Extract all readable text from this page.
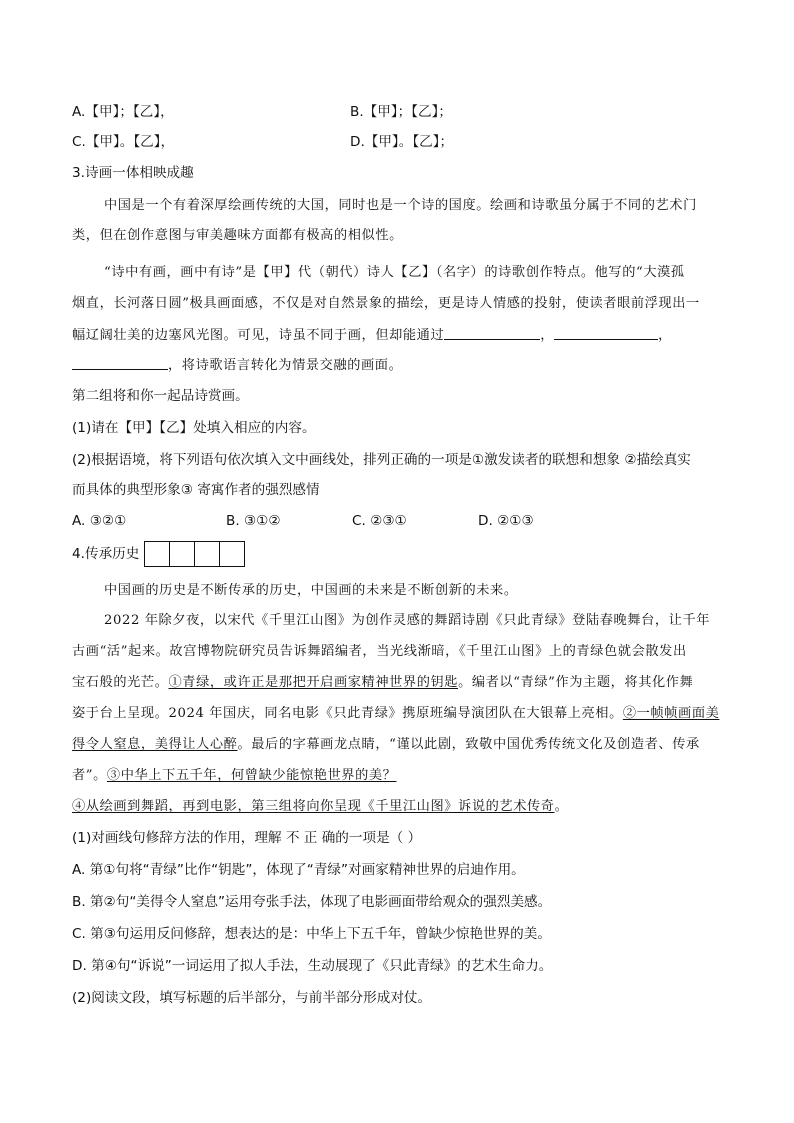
A.【甲】；【乙】，	B.【甲】；【乙】；
C.【甲】。【乙】，	D.【甲】。【乙】；
3.诗画一体相映成趣
中国是一个有着深厚绘画传统的大国，同时也是一个诗的国度。绘画和诗歌虽分属于不同的艺术门
类，但在创作意图与审美趣味方面都有极高的相似性。
“诗中有画，画中有诗”是【甲】代（朝代）诗人【乙】（名字）的诗歌创作特点。他写的“大漠孤
烟直，长河落日圆”极具画面感，不仅是对自然景象的描绘，更是诗人情感的投射，使读者眼前浮现出一
幅辽阔壮美的边塞风光图。可见，诗虽不同于画，但却能通过	，	，
，将诗歌语言转化为情景交融的画面。
第二组将和你一起品诗赏画。
(1)请在【甲】【乙】处填入相应的内容。
(2)根据语境，将下列语句依次填入文中画线处，排列正确的一项是①激发读者的联想和想象 ②描绘真实
而具体的典型形象③ 寄寓作者的强烈感情
A. ③②①	B. ③①②	C. ②③①	D. ②①③
4.传承历史
中国画的历史是不断传承的历史，中国画的未来是不断创新的未来。
2022 年除夕夜，以宋代《千里江山图》为创作灵感的舞蹈诗剧《只此青绿》登陆春晚舞台，让千年
古画“活”起来。故宫博物院研究员告诉舞蹈编者，当光线渐暗，《千里江山图》上的青绿色就会散发出
宝石般的光芒。①青绿，或许正是那把开启画家精神世界的钥匙。编者以“青绿”作为主题，将其化作舞
姿于台上呈现。2024 年国庆，同名电影《只此青绿》携原班编导演团队在大银幕上亮相。②一帧帧画面美
得令人窒息，美得让人心醉。最后的字幕画龙点睛，“谨以此剧，致敬中国优秀传统文化及创造者、传承
者”。③中华上下五千年，何曾缺少能惊艳世界的美？
④从绘画到舞蹈，再到电影，第三组将向你呈现《千里江山图》诉说的艺术传奇。
(1)对画线句修辞方法的作用，理解 不 正 确的一项是（ ）
A. 第①句将“青绿”比作“钥匙”，体现了“青绿”对画家精神世界的启迪作用。
B. 第②句“美得令人窒息”运用夸张手法，体现了电影画面带给观众的强烈美感。
C. 第③句运用反问修辞，想表达的是：中华上下五千年，曾缺少惊艳世界的美。
D. 第④句“诉说”一词运用了拟人手法，生动展现了《只此青绿》的艺术生命力。
(2)阅读文段，填写标题的后半部分，与前半部分形成对仗。
